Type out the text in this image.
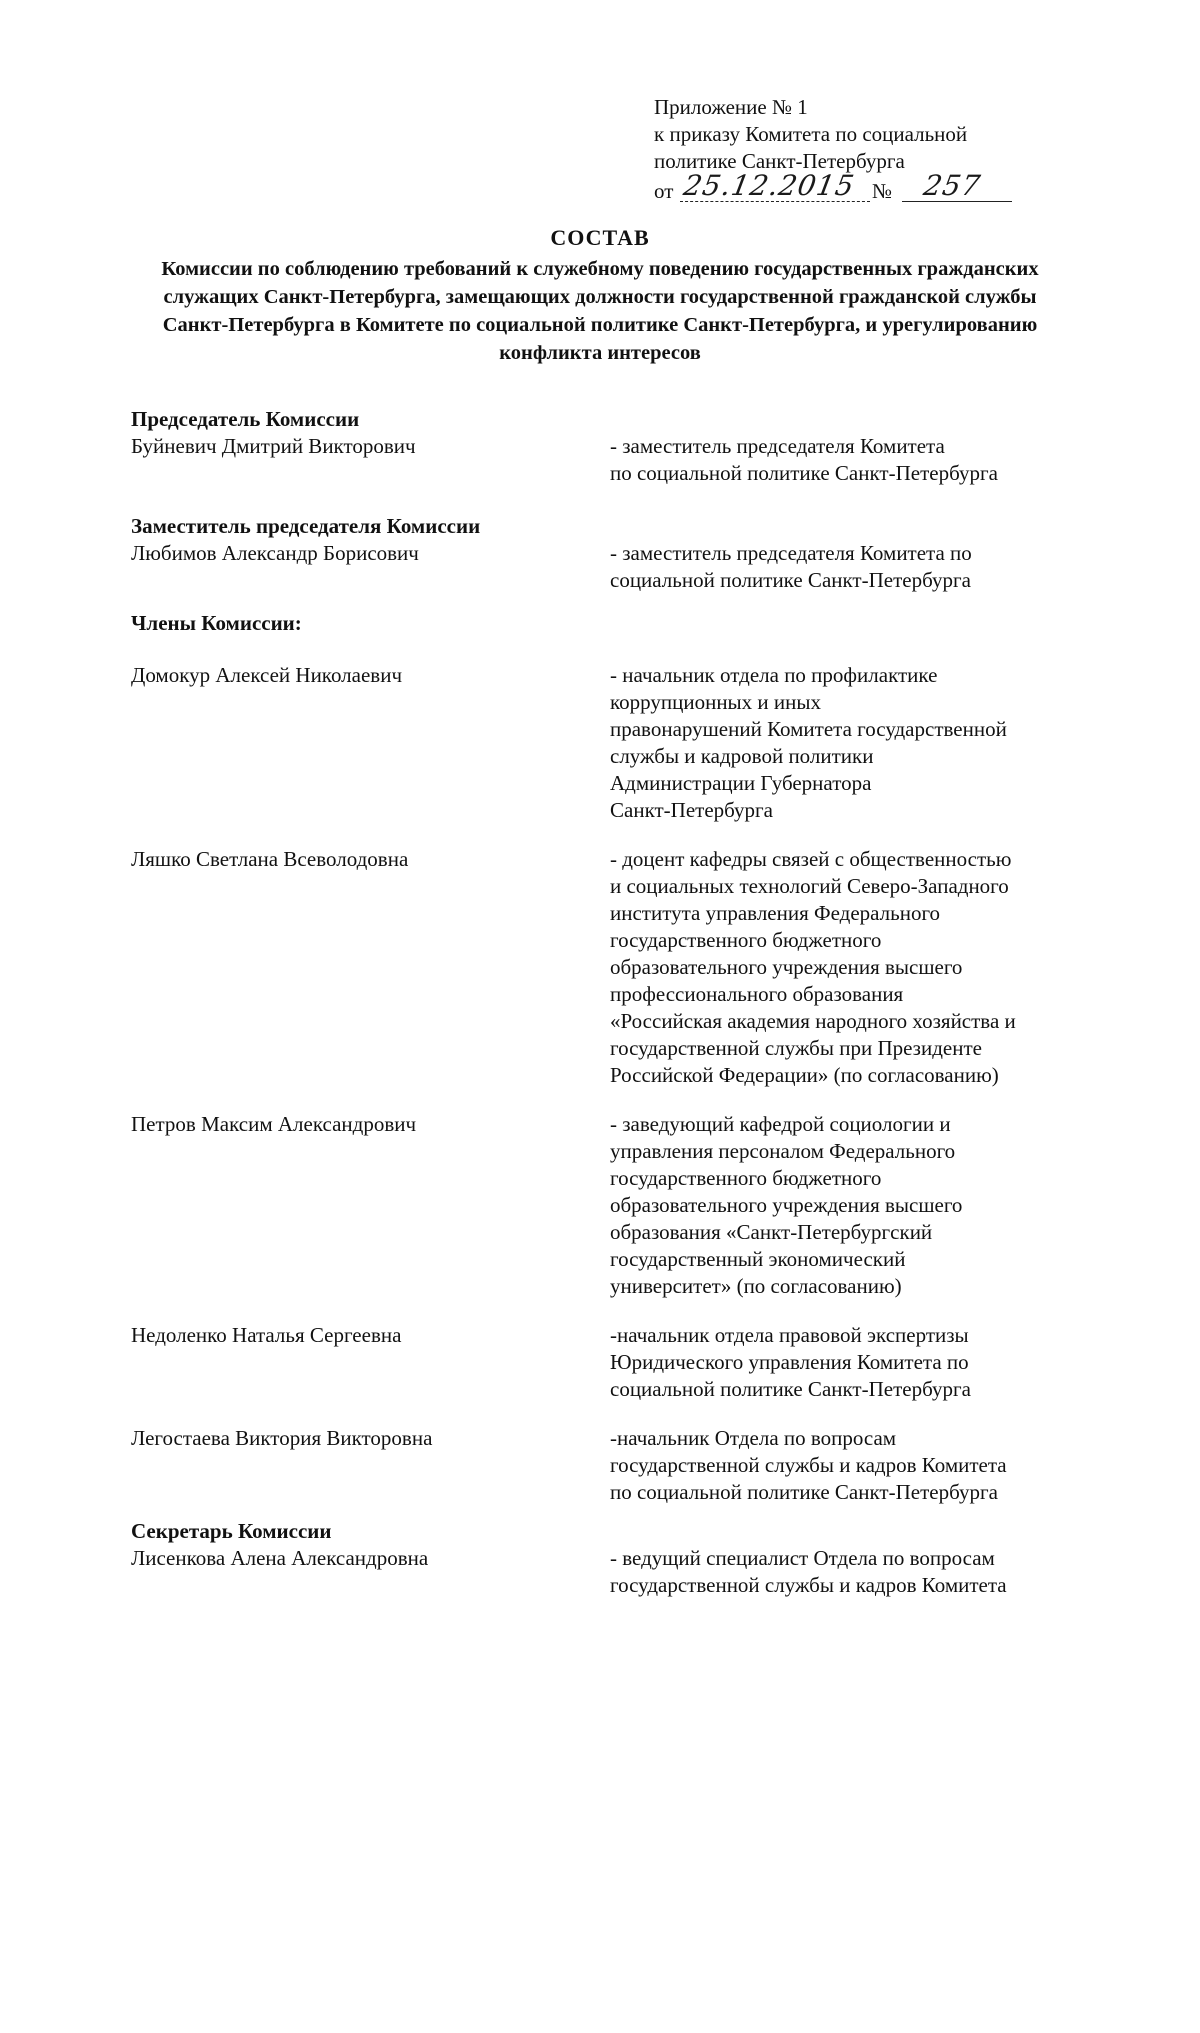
Приложение № 1
к приказу Комитета по социальной
политике Санкт-Петербурга
от 25.12.2015 № 257
СОСТАВ
Комиссии по соблюдению требований к служебному поведению государственных гражданских служащих Санкт-Петербурга, замещающих должности государственной гражданской службы Санкт-Петербурга в Комитете по социальной политике Санкт-Петербурга, и урегулированию конфликта интересов
Председатель Комиссии
Буйневич Дмитрий Викторович	- заместитель председателя Комитета
по социальной политике Санкт-Петербурга
Заместитель председателя Комиссии
Любимов Александр Борисович	- заместитель председателя Комитета по
социальной политике Санкт-Петербурга
Члены Комиссии:
Домокур Алексей Николаевич	- начальник отдела по профилактике
коррупционных и иных
правонарушений Комитета государственной
службы и кадровой политики
Администрации Губернатора
Санкт-Петербурга
Ляшко Светлана Всеволодовна	- доцент кафедры связей с общественностью
и социальных технологий Северо-Западного
института управления Федерального
государственного бюджетного
образовательного учреждения высшего
профессионального образования
«Российская академия народного хозяйства и
государственной службы при Президенте
Российской Федерации» (по согласованию)
Петров Максим Александрович	- заведующий кафедрой социологии и
управления персоналом Федерального
государственного бюджетного
образовательного учреждения высшего
образования «Санкт-Петербургский
государственный экономический
университет» (по согласованию)
Недоленко Наталья Сергеевна	-начальник отдела правовой экспертизы
Юридического управления Комитета по
социальной политике Санкт-Петербурга
Легостаева Виктория Викторовна	-начальник Отдела по вопросам
государственной службы и кадров Комитета
по социальной политике Санкт-Петербурга
Секретарь Комиссии
Лисенкова Алена Александровна	- ведущий специалист Отдела по вопросам
государственной службы и кадров Комитета
